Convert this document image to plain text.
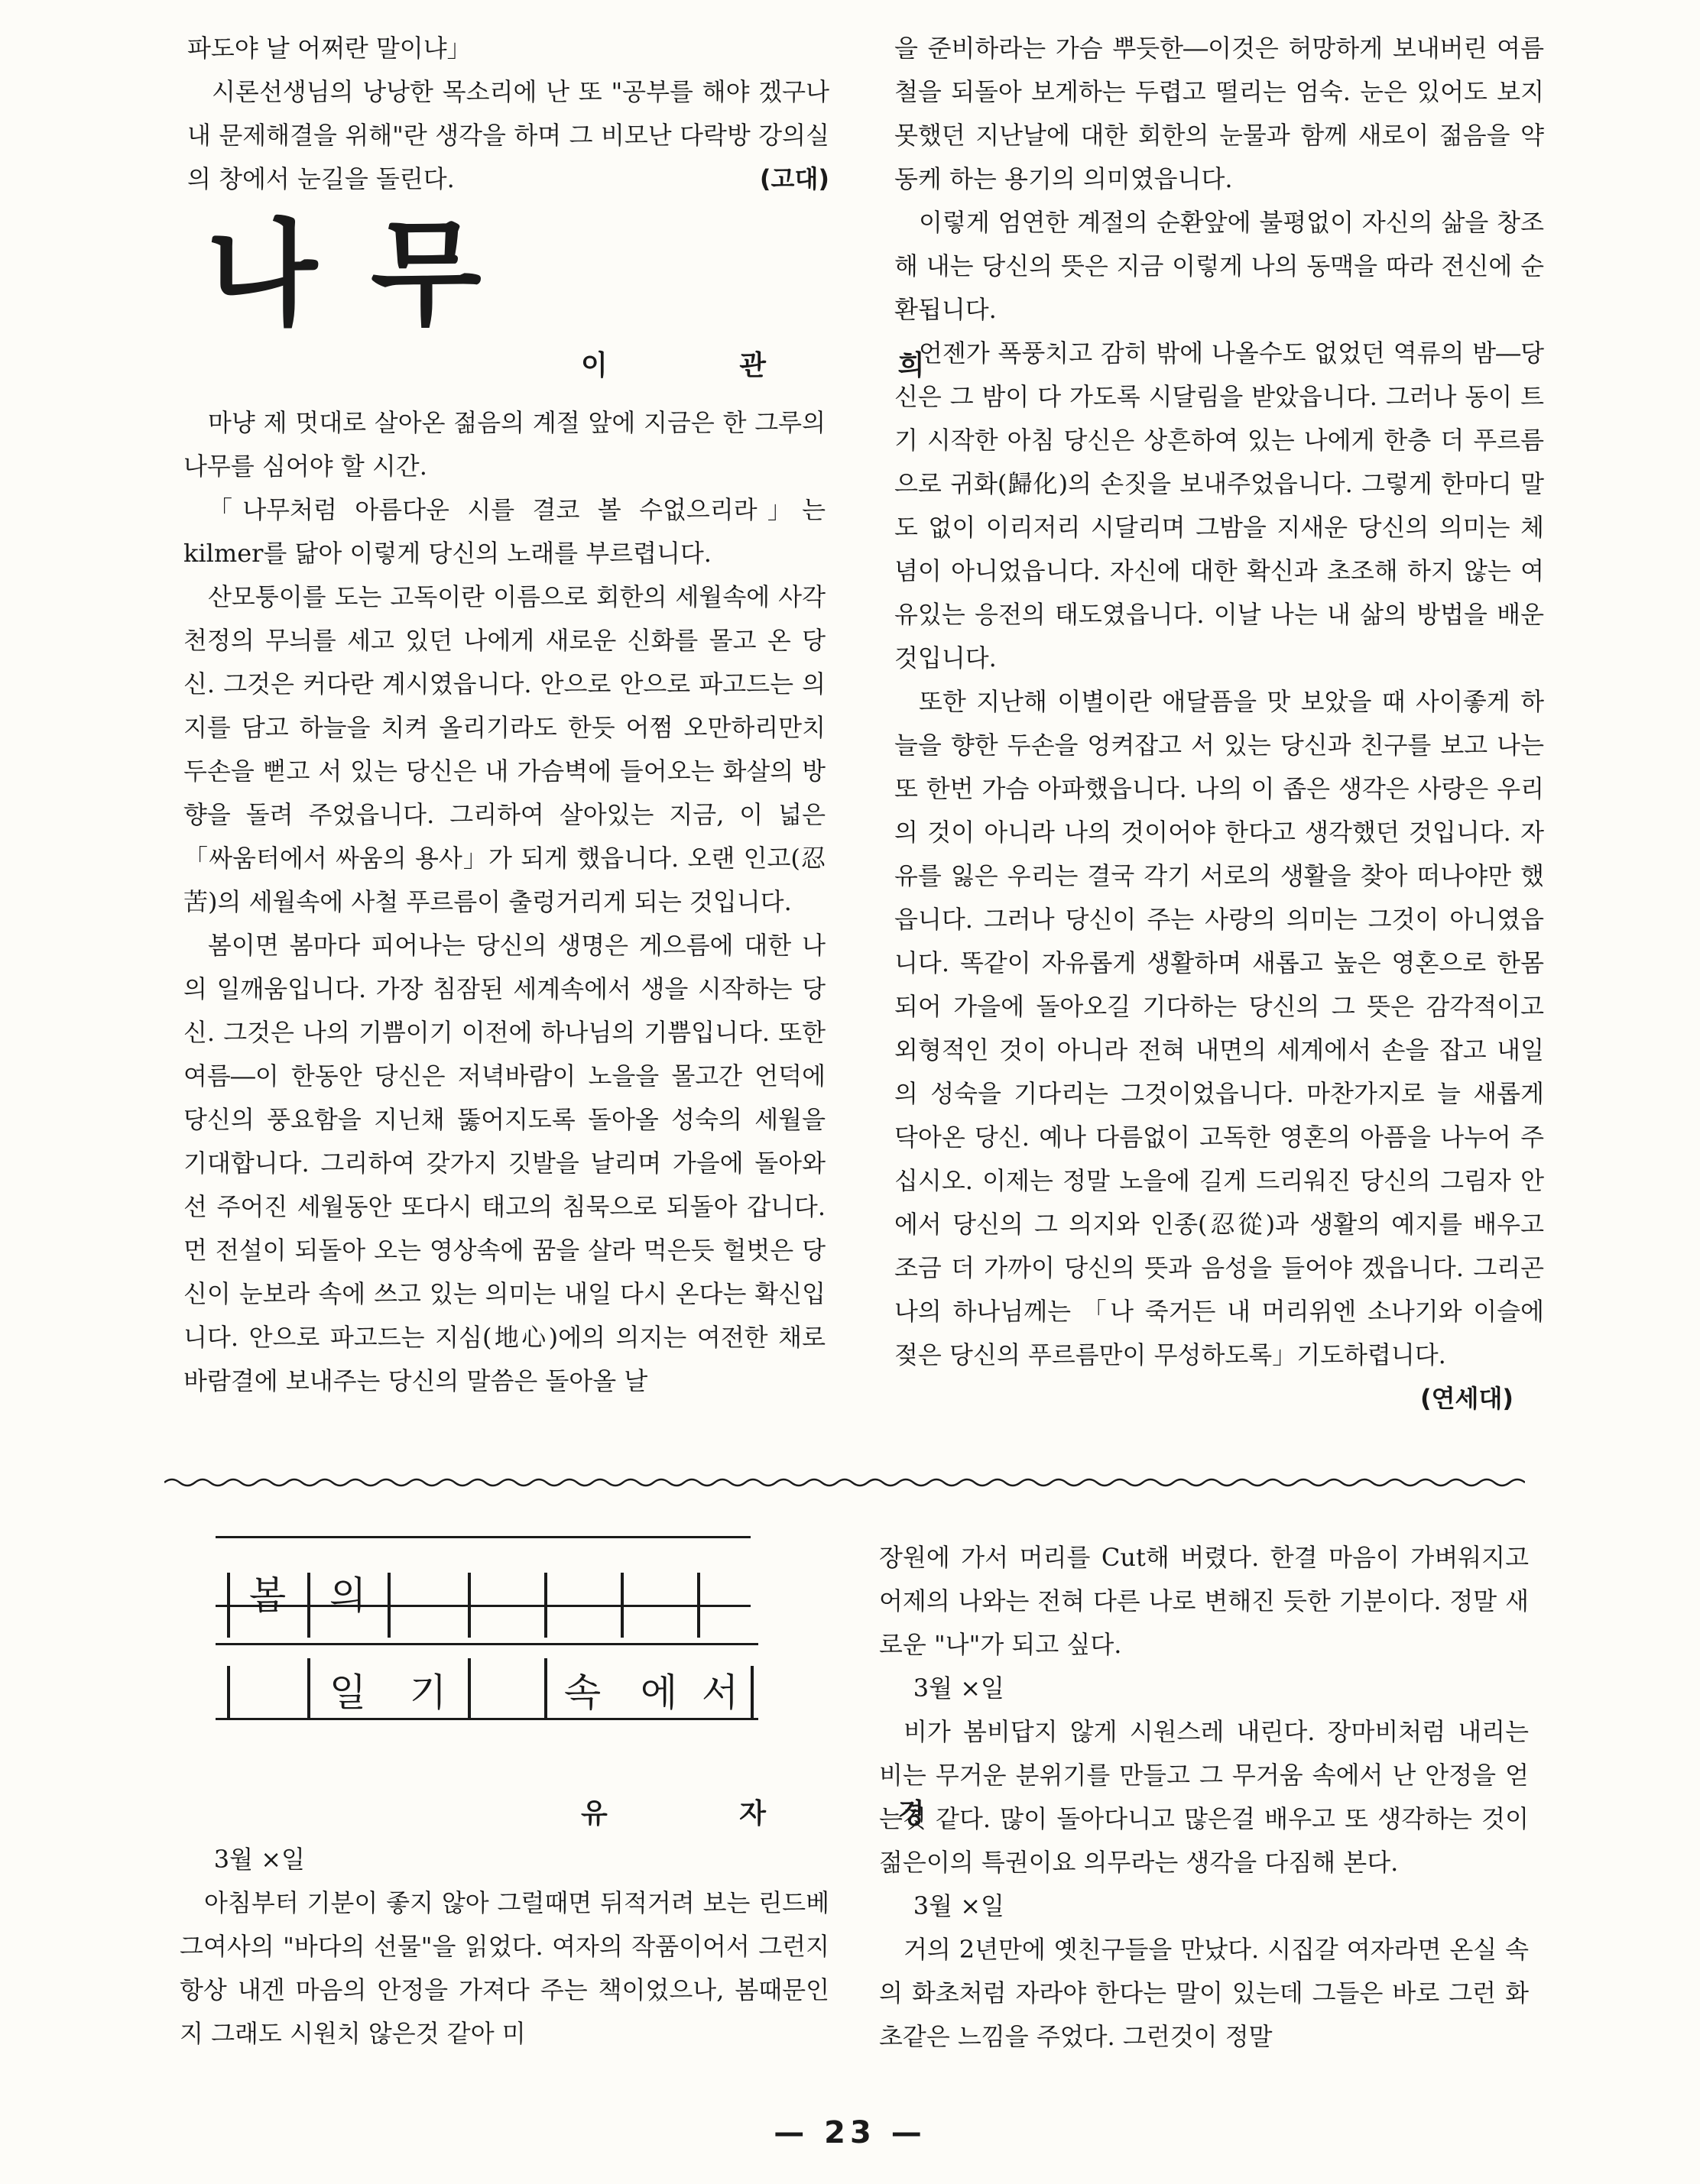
파도야 날 어쩌란 말이냐」

시론선생님의 낭낭한 목소리에 난 또 "공부를 해야 겠구나 내 문제해결을 위해"란 생각을 하며 그 비모난 다락방 강의실의 창에서 눈길을 돌린다.	(고대)

나무
이 관 희

마냥 제 멋대로 살아온 젊음의 계절 앞에 지금은 한 그루의 나무를 심어야 할 시간.

「나무처럼 아름다운 시를 결코 볼 수없으리라」는 kilmer를 닮아 이렇게 당신의 노래를 부르렵니다.

산모퉁이를 도는 고독이란 이름으로 회한의 세월속에 사각 천정의 무늬를 세고 있던 나에게 새로운 신화를 몰고 온 당신. 그것은 커다란 계시였읍니다. 안으로 안으로 파고드는 의지를 담고 하늘을 치켜 올리기라도 한듯 어쩜 오만하리만치 두손을 뻗고 서 있는 당신은 내 가슴벽에 들어오는 화살의 방향을 돌려 주었읍니다. 그리하여 살아있는 지금, 이 넓은 「싸움터에서 싸움의 용사」가 되게 했읍니다. 오랜 인고(忍苦)의 세월속에 사철 푸르름이 출렁거리게 되는 것입니다.

봄이면 봄마다 피어나는 당신의 생명은 게으름에 대한 나의 일깨움입니다. 가장 침잠된 세계속에서 생을 시작하는 당신. 그것은 나의 기쁨이기 이전에 하나님의 기쁨입니다. 또한 여름―이 한동안 당신은 저녁바람이 노을을 몰고간 언덕에 당신의 풍요함을 지닌채 뚫어지도록 돌아올 성숙의 세월을 기대합니다. 그리하여 갖가지 깃발을 날리며 가을에 돌아와선 주어진 세월동안 또다시 태고의 침묵으로 되돌아 갑니다. 먼 전설이 되돌아 오는 영상속에 꿈을 살라 먹은듯 헐벗은 당신이 눈보라 속에 쓰고 있는 의미는 내일 다시 온다는 확신입니다. 안으로 파고드는 지심(地心)에의 의지는 여전한 채로 바람결에 보내주는 당신의 말씀은 돌아올 날

을 준비하라는 가슴 뿌듯한―이것은 허망하게 보내버린 여름철을 되돌아 보게하는 두렵고 떨리는 엄숙. 눈은 있어도 보지 못했던 지난날에 대한 회한의 눈물과 함께 새로이 젊음을 약동케 하는 용기의 의미였읍니다.

이렇게 엄연한 계절의 순환앞에 불평없이 자신의 삶을 창조해 내는 당신의 뜻은 지금 이렇게 나의 동맥을 따라 전신에 순환됩니다.

언젠가 폭풍치고 감히 밖에 나올수도 없었던 역류의 밤―당신은 그 밤이 다 가도록 시달림을 받았읍니다. 그러나 동이 트기 시작한 아침 당신은 상흔하여 있는 나에게 한층 더 푸르름으로 귀화(歸化)의 손짓을 보내주었읍니다. 그렇게 한마디 말도 없이 이리저리 시달리며 그밤을 지새운 당신의 의미는 체념이 아니었읍니다. 자신에 대한 확신과 초조해 하지 않는 여유있는 응전의 태도였읍니다. 이날 나는 내 삶의 방법을 배운 것입니다.

또한 지난해 이별이란 애달픔을 맛 보았을 때 사이좋게 하늘을 향한 두손을 엉켜잡고 서 있는 당신과 친구를 보고 나는 또 한번 가슴 아파했읍니다. 나의 이 좁은 생각은 사랑은 우리의 것이 아니라 나의 것이어야 한다고 생각했던 것입니다. 자유를 잃은 우리는 결국 각기 서로의 생활을 찾아 떠나야만 했읍니다. 그러나 당신이 주는 사랑의 의미는 그것이 아니였읍니다. 똑같이 자유롭게 생활하며 새롭고 높은 영혼으로 한몸되어 가을에 돌아오길 기다하는 당신의 그 뜻은 감각적이고 외형적인 것이 아니라 전혀 내면의 세계에서 손을 잡고 내일의 성숙을 기다리는 그것이었읍니다. 마찬가지로 늘 새롭게 닥아온 당신. 예나 다름없이 고독한 영혼의 아픔을 나누어 주십시오. 이제는 정말 노을에 길게 드리워진 당신의 그림자 안에서 당신의 그 의지와 인종(忍從)과 생활의 예지를 배우고 조금 더 가까이 당신의 뜻과 음성을 들어야 겠읍니다. 그리곤 나의 하나님께는 「나 죽거든 내 머리위엔 소나기와 이슬에 젖은 당신의 푸르름만이 무성하도록」기도하렵니다.

(연세대)

봄	의
일	기	속	에 서
유 자 경

3월 ×일

아침부터 기분이 좋지 않아 그럴때면 뒤적거려 보는 린드베그여사의 "바다의 선물"을 읽었다. 여자의 작품이어서 그런지 항상 내겐 마음의 안정을 가져다 주는 책이었으나, 봄때문인지 그래도 시원치 않은것 같아 미

장원에 가서 머리를 Cut해 버렸다. 한결 마음이 가벼워지고 어제의 나와는 전혀 다른 나로 변해진 듯한 기분이다. 정말 새로운 "나"가 되고 싶다.

3월 ×일

비가 봄비답지 않게 시원스레 내린다. 장마비처럼 내리는 비는 무거운 분위기를 만들고 그 무거움 속에서 난 안정을 얻는것 같다. 많이 돌아다니고 많은걸 배우고 또 생각하는 것이 젊은이의 특권이요 의무라는 생각을 다짐해 본다.

3월 ×일

거의 2년만에 옛친구들을 만났다. 시집갈 여자라면 온실 속의 화초처럼 자라야 한다는 말이 있는데 그들은 바로 그런 화초같은 느낌을 주었다. 그런것이 정말

— 23 —
